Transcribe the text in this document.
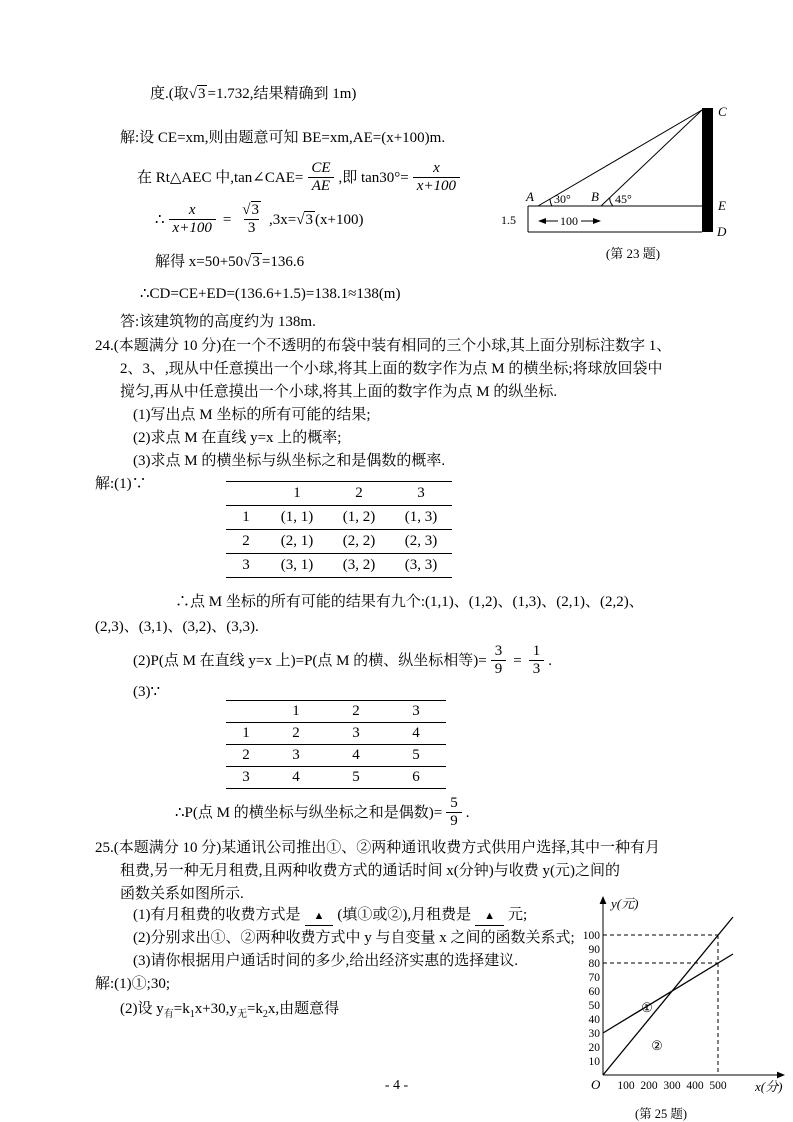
度.(取 √3 =1.732,结果精确到 1m)
解:设 CE=xm,则由题意可知 BE=xm,AE=(x+100)m.
在 Rt△AEC 中,tan∠CAE= $\frac{CE}{AE}$ ,即 $\tan 30^\circ= \frac{x}{x+100}$
∴ $\frac{x}{x+100} = \frac{√3}{3} ,3x= √3$ (x+100)
解得 x=50+50 √3 =136.6
∴CD=CE+ED=(136.6+1.5)=138.1≈138(m)
答:该建筑物的高度约为 138m.
A	B
C
E
D
30°	45°
1.5	100
(第 23 题)
24.(本题满分 10 分)在一个不透明的布袋中装有相同的三个小球,其上面分别标注数字 1、
2、3、,现从中任意摸出一个小球,将其上面的数字作为点 M 的横坐标;将球放回袋中
搅匀,再从中任意摸出一个小球,将其上面的数字作为点 M 的纵坐标.
(1)写出点 M 坐标的所有可能的结果;
(2)求点 M 在直线 y=x 上的概率;
(3)求点 M 的横坐标与纵坐标之和是偶数的概率.
解:(1)∵
	1	2	3
1	(1, 1)	(1, 2)	(1, 3)
2	(2, 1)	(2, 2)	(2, 3)
3	(3, 1)	(3, 2)	(3, 3)
∴点 M 坐标的所有可能的结果有九个:(1,1)、(1,2)、(1,3)、(2,1)、(2,2)、
(2,3)、(3,1)、(3,2)、(3,3).
(2)P(点 M 在直线 y=x 上)=P(点 M 的横、纵坐标相等)= $\frac{3}{9} = \frac{1}{3}$ .
(3)∵
	1	2	3
1	2	3	4
2	3	4	5
3	4	5	6
∴P(点 M 的横坐标与纵坐标之和是偶数)= $\frac{5}{9}$ .
25.(本题满分 10 分)某通讯公司推出①、②两种通讯收费方式供用户选择,其中一种有月
租费,另一种无月租费,且两种收费方式的通话时间 x(分钟)与收费 y(元)之间的
函数关系如图所示.
(1)有月租费的收费方式是 ▲ (填①或②),月租费是 ▲ 元;
(2)分别求出①、②两种收费方式中 y 与自变量 x 之间的函数关系式;
(3)请你根据用户通话时间的多少,给出经济实惠的选择建议.
解:(1)①;30;
(2)设 $y_有=k_1x+30,y_无=k_2x$,由题意得
10
20
30
40
50
60
70
80
90
100
100 200 300 400 500
y(元)
x(分)
O
①
②
(第 25 题)
- 4 -
